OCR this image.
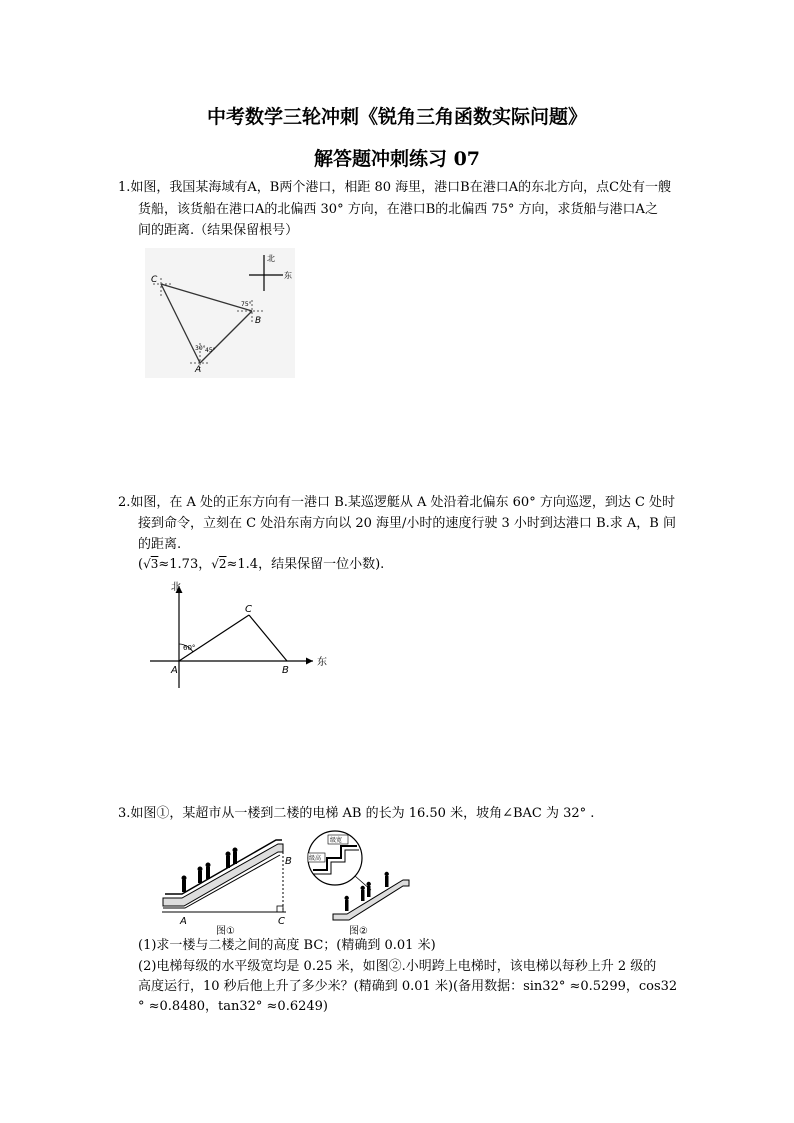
中考数学三轮冲刺《锐角三角函数实际问题》
解答题冲刺练习 07
1.如图，我国某海域有A，B两个港口，相距 80 海里，港口B在港口A的东北方向，点C处有一艘
货船，该货船在港口A的北偏西 30° 方向，在港口B的北偏西 75° 方向，求货船与港口A之
间的距离.（结果保留根号）
北
东
C
B
A
75°
30° 45°
2.如图，在 A 处的正东方向有一港口 B.某巡逻艇从 A 处沿着北偏东 60° 方向巡逻，到达 C 处时
接到命令，立刻在 C 处沿东南方向以 20 海里/小时的速度行驶 3 小时到达港口 B.求 A，B 间
的距离.
(√3≈1.73，√2≈1.4，结果保留一位小数).
北
东
60°
A	B
C
3.如图①，某超市从一楼到二楼的电梯 AB 的长为 16.50 米，坡角∠BAC 为 32° .
A
B
C
图①
级宽
级高
图②
(1)求一楼与二楼之间的高度 BC；(精确到 0.01 米)
(2)电梯每级的水平级宽均是 0.25 米，如图②.小明跨上电梯时，该电梯以每秒上升 2 级的
高度运行，10 秒后他上升了多少米？(精确到 0.01 米)(备用数据：sin32° ≈0.5299，cos32
° ≈0.8480，tan32° ≈0.6249)
